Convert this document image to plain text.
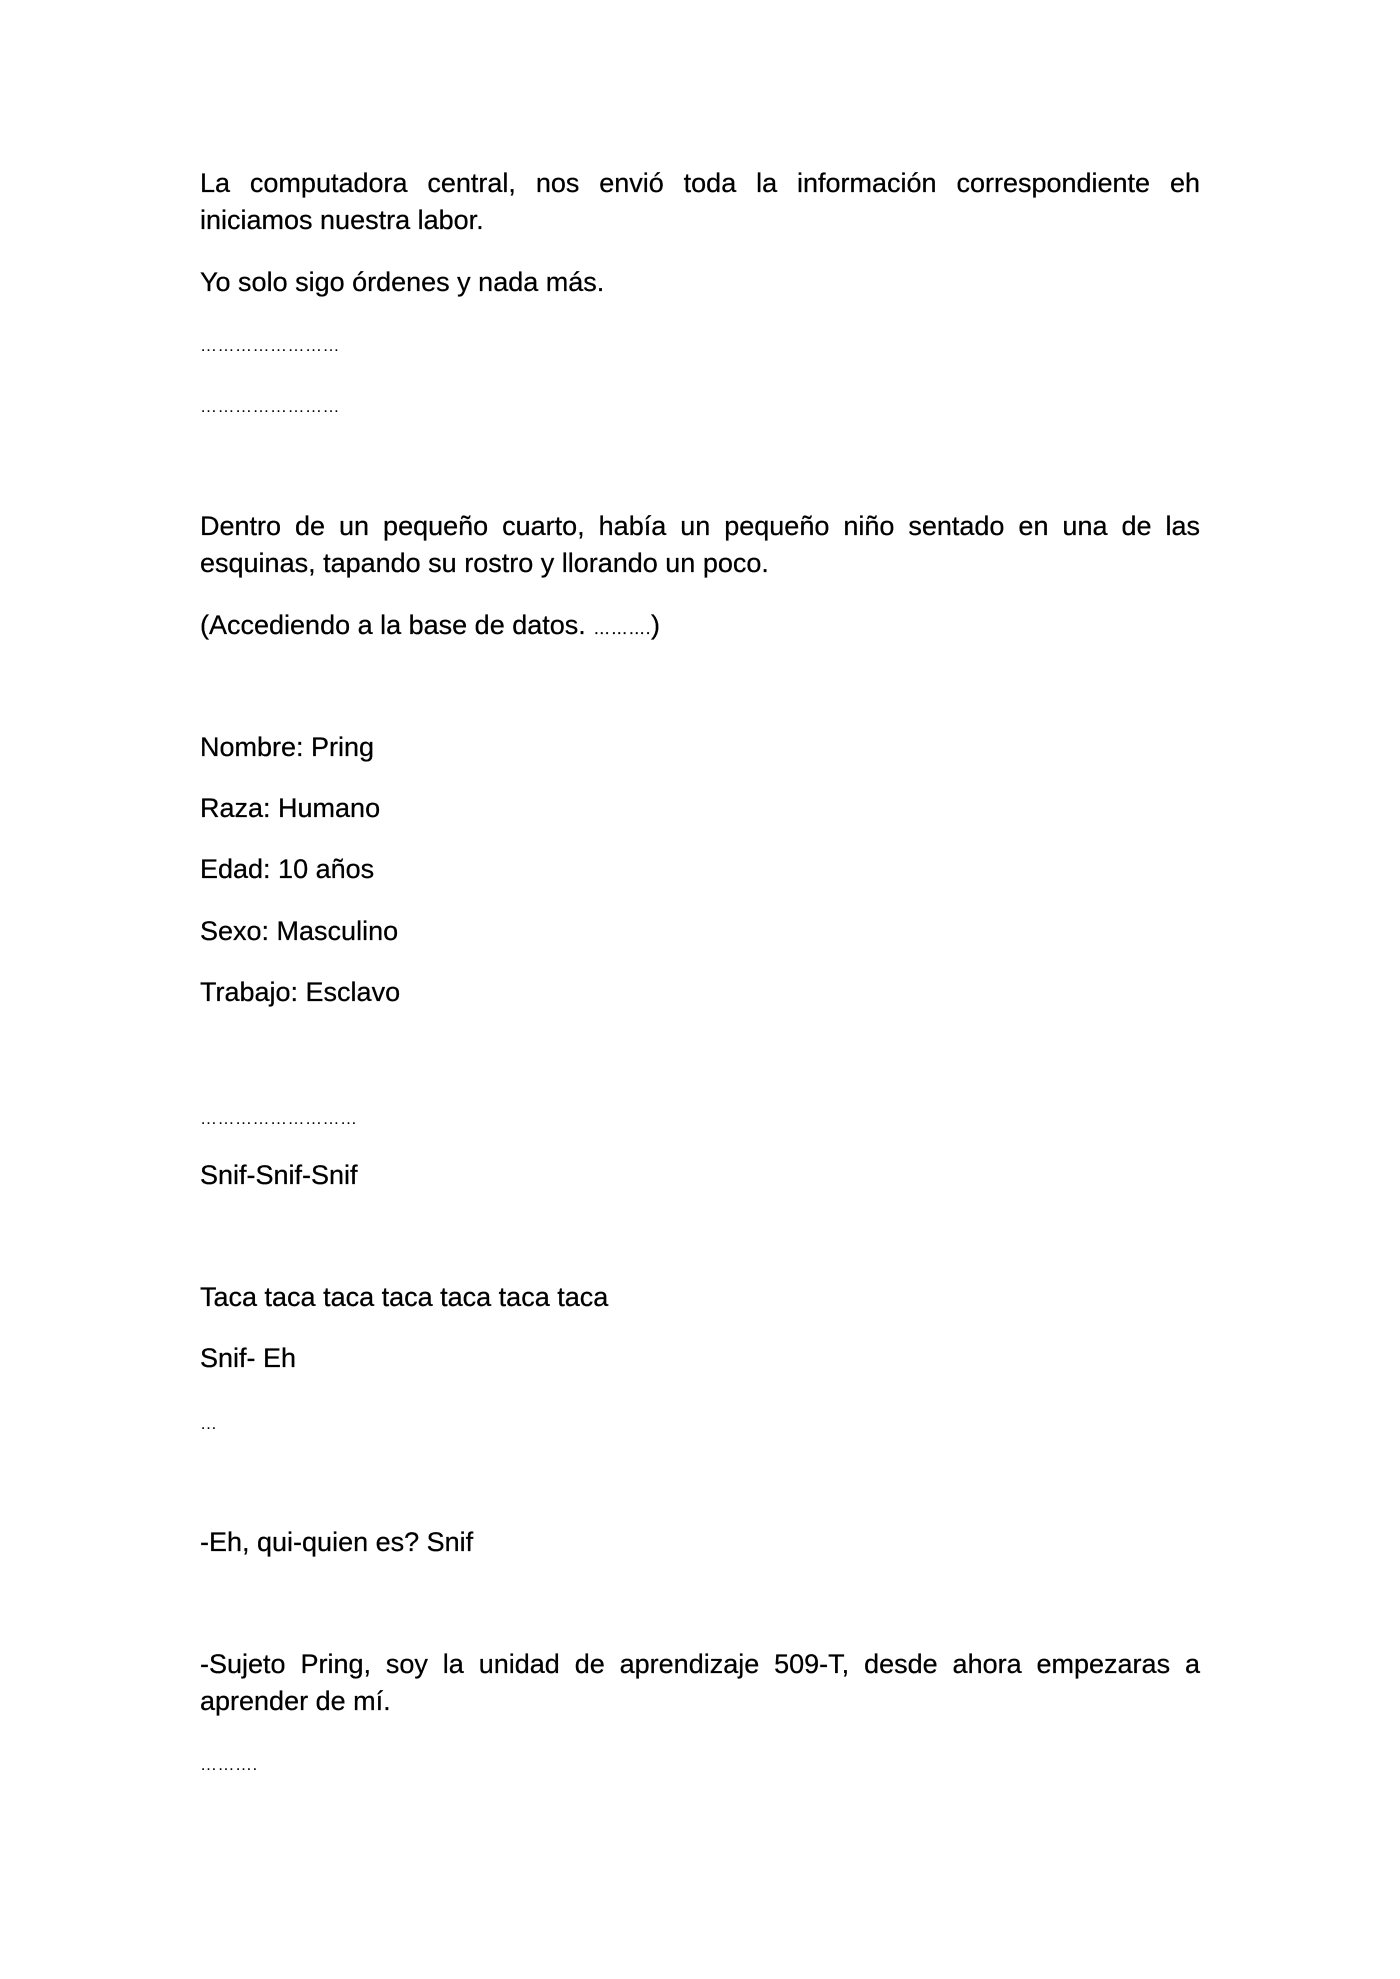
La computadora central, nos envió toda la información correspondiente eh iniciamos nuestra labor.

Yo solo sigo órdenes y nada más.

……………………

……………………

Dentro de un pequeño cuarto, había un pequeño niño sentado en una de las esquinas, tapando su rostro y llorando un poco.

(Accediendo a la base de datos. ……….)

Nombre: Pring

Raza: Humano

Edad: 10 años

Sexo: Masculino

Trabajo: Esclavo

………………………

Snif-Snif-Snif

Taca taca taca taca taca taca taca

Snif- Eh

…

-Eh, qui-quien es? Snif

-Sujeto Pring, soy la unidad de aprendizaje 509-T, desde ahora empezaras a aprender de mí.

……….
